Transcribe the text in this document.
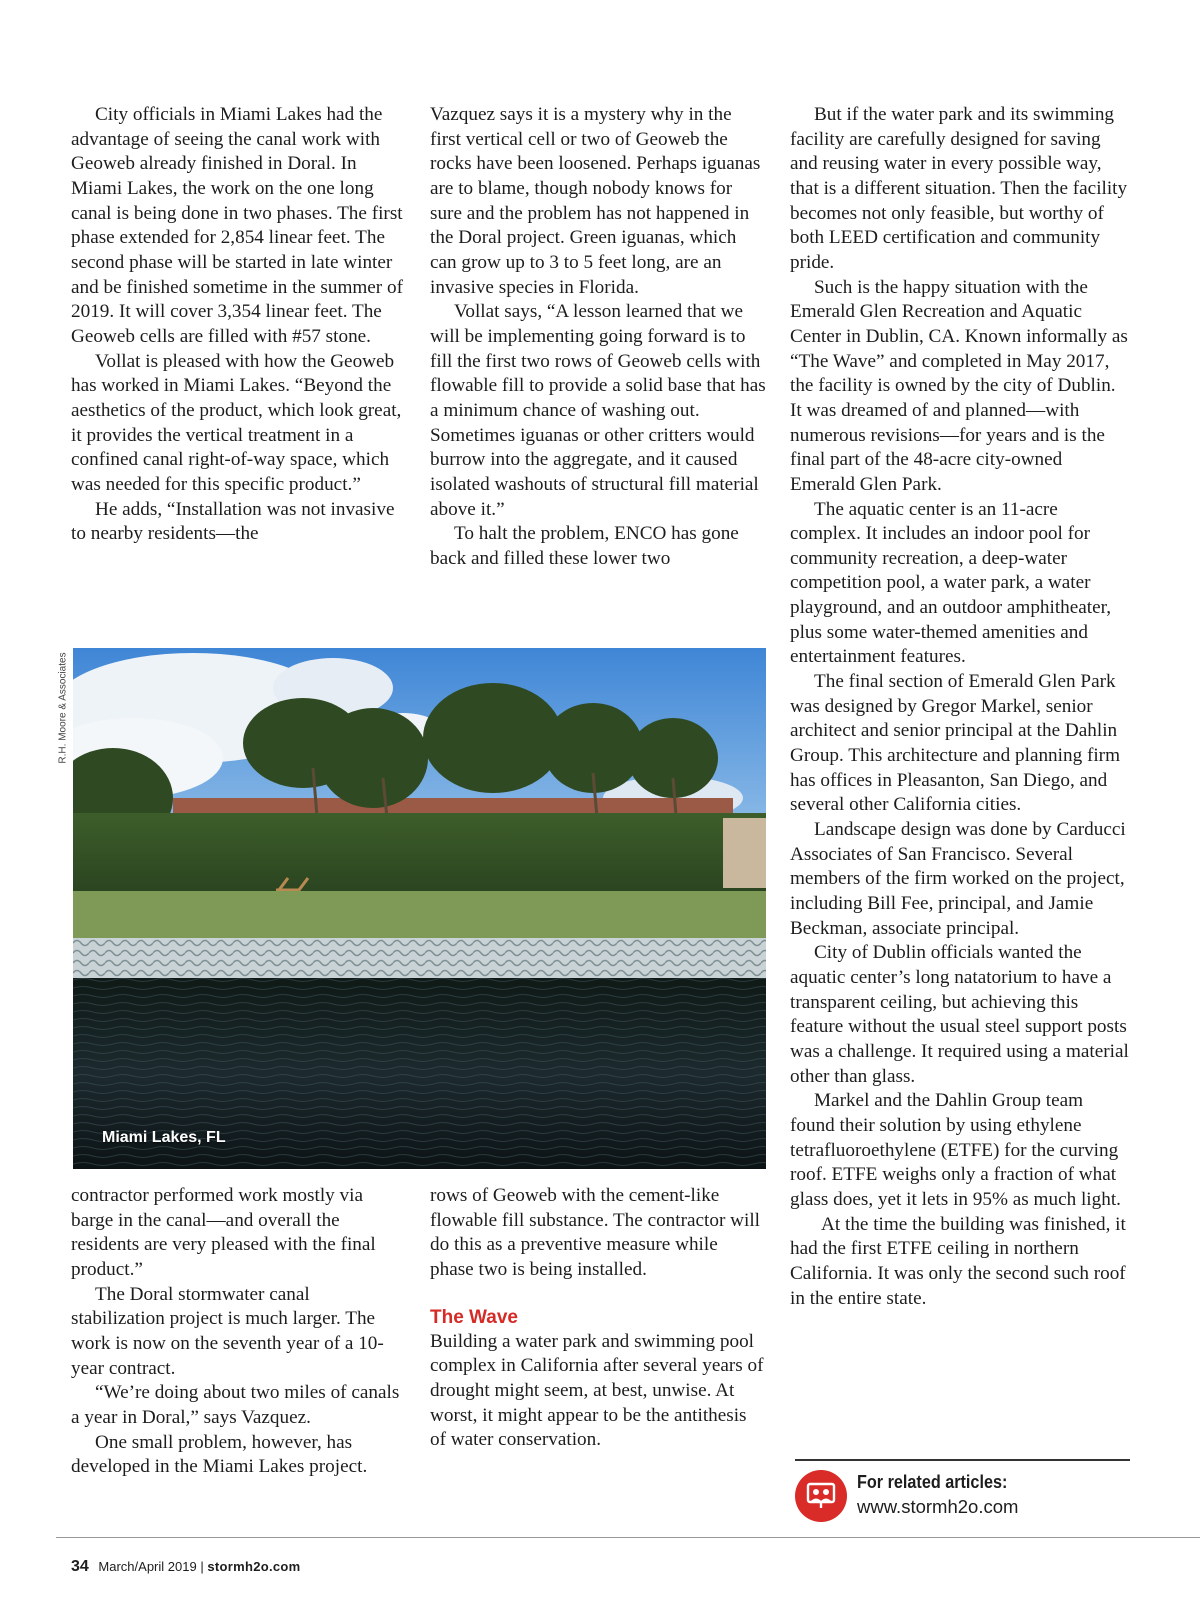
City officials in Miami Lakes had the advantage of seeing the canal work with Geoweb already finished in Doral. In Miami Lakes, the work on the one long canal is being done in two phases. The first phase extended for 2,854 linear feet. The second phase will be started in late winter and be finished sometime in the summer of 2019. It will cover 3,354 linear feet. The Geoweb cells are filled with #57 stone.

Vollat is pleased with how the Geoweb has worked in Miami Lakes. “Beyond the aesthetics of the product, which look great, it provides the vertical treatment in a confined canal right-of-way space, which was needed for this specific product.”

He adds, “Installation was not invasive to nearby residents—the

Vazquez says it is a mystery why in the first vertical cell or two of Geoweb the rocks have been loosened. Perhaps iguanas are to blame, though nobody knows for sure and the problem has not happened in the Doral project. Green iguanas, which can grow up to 3 to 5 feet long, are an invasive species in Florida.

Vollat says, “A lesson learned that we will be implementing going forward is to fill the first two rows of Geoweb cells with flowable fill to provide a solid base that has a minimum chance of washing out. Sometimes iguanas or other critters would burrow into the aggregate, and it caused isolated washouts of structural fill material above it.”

To halt the problem, ENCO has gone back and filled these lower two

But if the water park and its swimming facility are carefully designed for saving and reusing water in every possible way, that is a different situation. Then the facility becomes not only feasible, but worthy of both LEED certification and community pride.

Such is the happy situation with the Emerald Glen Recreation and Aquatic Center in Dublin, CA. Known informally as “The Wave” and completed in May 2017, the facility is owned by the city of Dublin. It was dreamed of and planned—with numerous revisions—for years and is the final part of the 48-acre city-owned Emerald Glen Park.

The aquatic center is an 11-acre complex. It includes an indoor pool for community recreation, a deep-water competition pool, a water park, a water playground, and an outdoor amphitheater, plus some water-themed amenities and entertainment features.

The final section of Emerald Glen Park was designed by Gregor Markel, senior architect and senior principal at the Dahlin Group. This architecture and planning firm has offices in Pleasanton, San Diego, and several other California cities.

Landscape design was done by Carducci Associates of San Francisco. Several members of the firm worked on the project, including Bill Fee, principal, and Jamie Beckman, associate principal.

City of Dublin officials wanted the aquatic center’s long natatorium to have a transparent ceiling, but achieving this feature without the usual steel support posts was a challenge. It required using a material other than glass.

Markel and the Dahlin Group team found their solution by using ethylene tetrafluoroethylene (ETFE) for the curving roof. ETFE weighs only a fraction of what glass does, yet it lets in 95% as much light.

At the time the building was finished, it had the first ETFE ceiling in northern California. It was only the second such roof in the entire state.

R.H. Moore & Associates
Miami Lakes, FL

contractor performed work mostly via barge in the canal—and overall the residents are very pleased with the final product.”

The Doral stormwater canal stabilization project is much larger. The work is now on the seventh year of a 10-year contract.

“We’re doing about two miles of canals a year in Doral,” says Vazquez.

One small problem, however, has developed in the Miami Lakes project.

rows of Geoweb with the cement-like flowable fill substance. The contractor will do this as a preventive measure while phase two is being installed.

The Wave

Building a water park and swimming pool complex in California after several years of drought might seem, at best, unwise. At worst, it might appear to be the antithesis of water conservation.

For related articles:
www.stormh2o.com
34 March/April 2019 | stormh2o.com
